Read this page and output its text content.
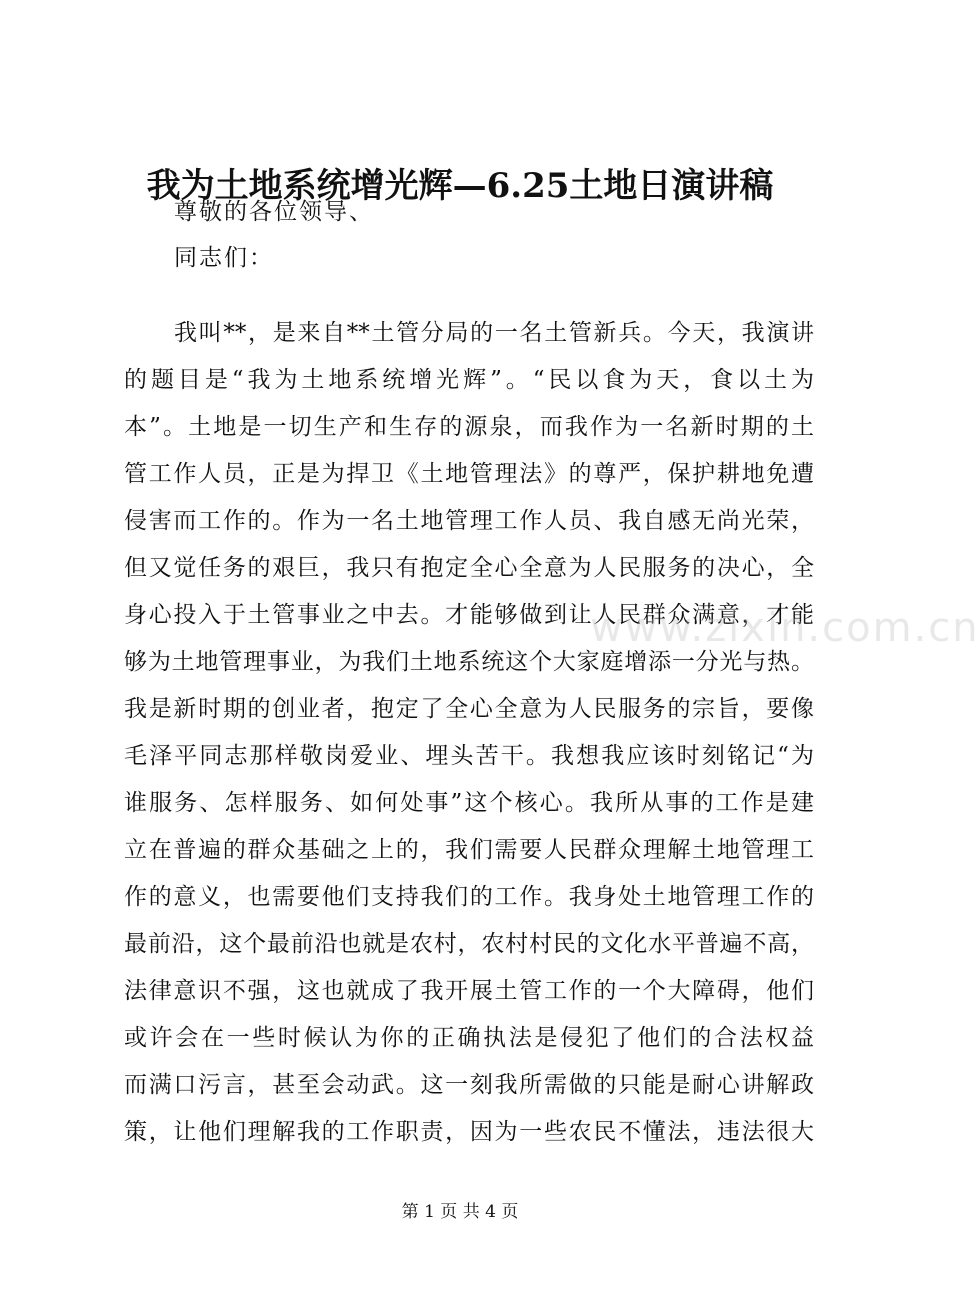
我为土地系统增光辉—6.25土地日演讲稿
尊敬的各位领导、
同志们：
我叫**，是来自**土管分局的一名土管新兵。今天，我演讲
的题目是“我为土地系统增光辉”。“民以食为天，食以土为
本”。土地是一切生产和生存的源泉，而我作为一名新时期的土
管工作人员，正是为捍卫《土地管理法》的尊严，保护耕地免遭
侵害而工作的。作为一名土地管理工作人员、我自感无尚光荣，
但又觉任务的艰巨，我只有抱定全心全意为人民服务的决心，全
身心投入于土管事业之中去。才能够做到让人民群众满意，才能
够为土地管理事业，为我们土地系统这个大家庭增添一分光与热。
我是新时期的创业者，抱定了全心全意为人民服务的宗旨，要像
毛泽平同志那样敬岗爱业、埋头苦干。我想我应该时刻铭记“为
谁服务、怎样服务、如何处事”这个核心。我所从事的工作是建
立在普遍的群众基础之上的，我们需要人民群众理解土地管理工
作的意义，也需要他们支持我们的工作。我身处土地管理工作的
最前沿，这个最前沿也就是农村，农村村民的文化水平普遍不高，
法律意识不强，这也就成了我开展土管工作的一个大障碍，他们
或许会在一些时候认为你的正确执法是侵犯了他们的合法权益
而满口污言，甚至会动武。这一刻我所需做的只能是耐心讲解政
策，让他们理解我的工作职责，因为一些农民不懂法，违法很大
www.zixin.com.cn
第 1 页 共 4 页
